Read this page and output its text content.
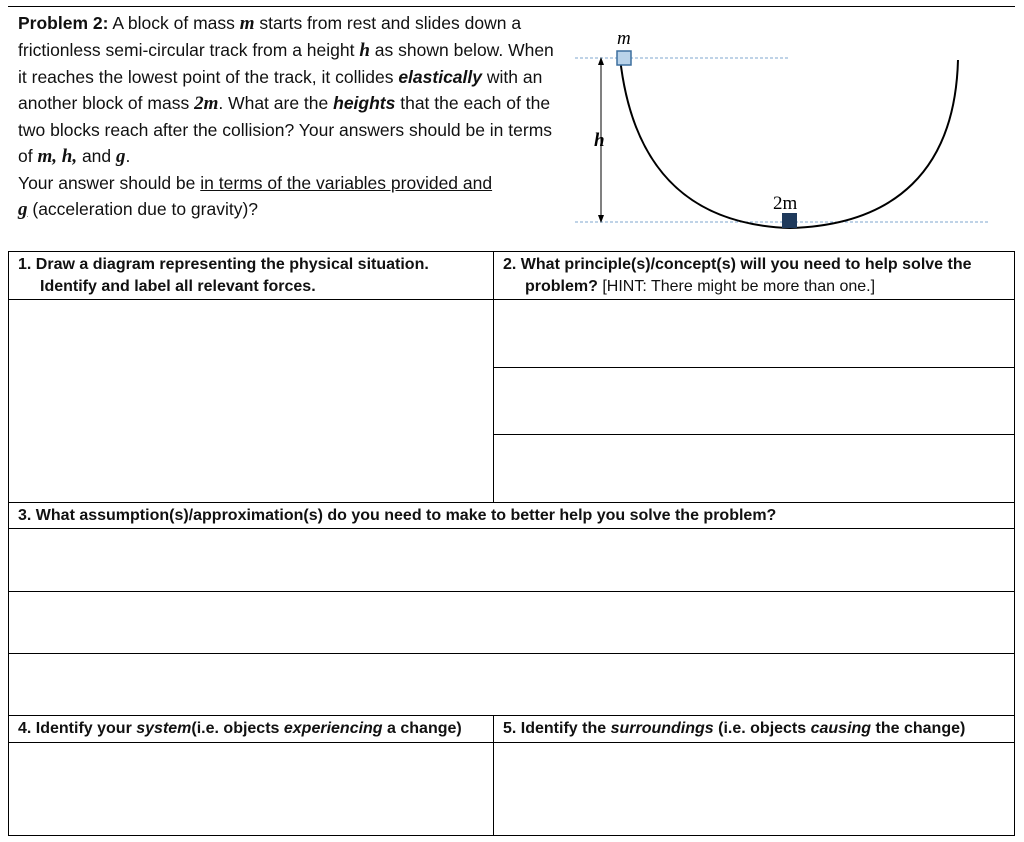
Problem 2: A block of mass m starts from rest and slides down a frictionless semi-circular track from a height h as shown below. When it reaches the lowest point of the track, it collides elastically with an another block of mass 2m. What are the heights that the each of the two blocks reach after the collision? Your answers should be in terms of m, h, and g.
Your answer should be in terms of the variables provided and
g (acceleration due to gravity)?
h
m
2m
1. Draw a diagram representing the physical situation.
Identify and label all relevant forces.
2. What principle(s)/concept(s) will you need to help solve the
problem? [HINT: There might be more than one.]
3. What assumption(s)/approximation(s) do you need to make to better help you solve the problem?
4. Identify your system(i.e. objects experiencing a change)	5. Identify the surroundings (i.e. objects causing the change)
